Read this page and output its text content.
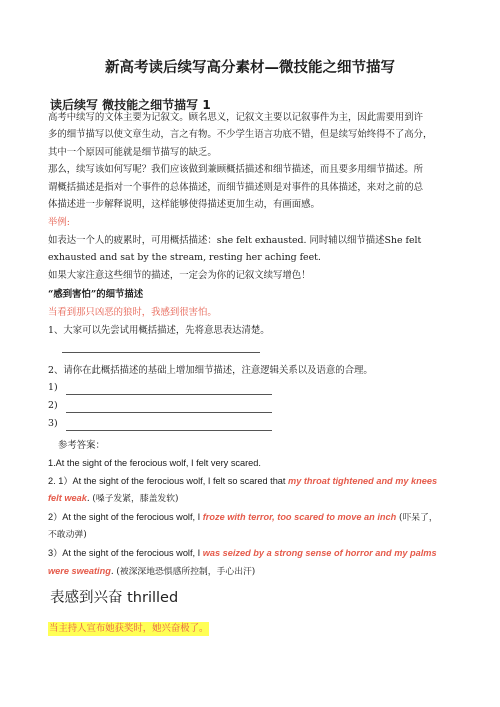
新高考读后续写高分素材—微技能之细节描写
读后续写 微技能之细节描写 1
高考中续写的文体主要为记叙文。顾名思义，记叙文主要以记叙事件为主，因此需要用到许
多的细节描写以使文章生动，言之有物。不少学生语言功底不错，但是续写始终得不了高分，
其中一个原因可能就是细节描写的缺乏。
那么，续写该如何写呢？我们应该做到兼顾概括描述和细节描述，而且要多用细节描述。所
谓概括描述是指对一个事件的总体描述，而细节描述则是对事件的具体描述，来对之前的总
体描述进一步解释说明，这样能够使得描述更加生动，有画面感。
举例:
如表达一个人的疲累时，可用概括描述：she felt exhausted. 同时辅以细节描述She felt
exhausted and sat by the stream, resting her aching feet.
如果大家注意这些细节的描述，一定会为你的记叙文续写增色！
“感到害怕”的细节描述
当看到那只凶恶的狼时，我感到很害怕。
1、大家可以先尝试用概括描述，先将意思表达清楚。
2、请你在此概括描述的基础上增加细节描述，注意逻辑关系以及语意的合理。
1)
2)
3)
参考答案：
1.At the sight of the ferocious wolf, I felt very scared.
2. 1）At the sight of the ferocious wolf, I felt so scared that my throat tightened and my knees
felt weak. (嗓子发紧，膝盖发软)
2）At the sight of the ferocious wolf, I froze with terror, too scared to move an inch (吓呆了，
不敢动弹)
3）At the sight of the ferocious wolf, I was seized by a strong sense of horror and my palms
were sweating. (被深深地恐惧感所控制，手心出汗)
表感到兴奋 thrilled
当主持人宣布她获奖时，她兴奋极了。
